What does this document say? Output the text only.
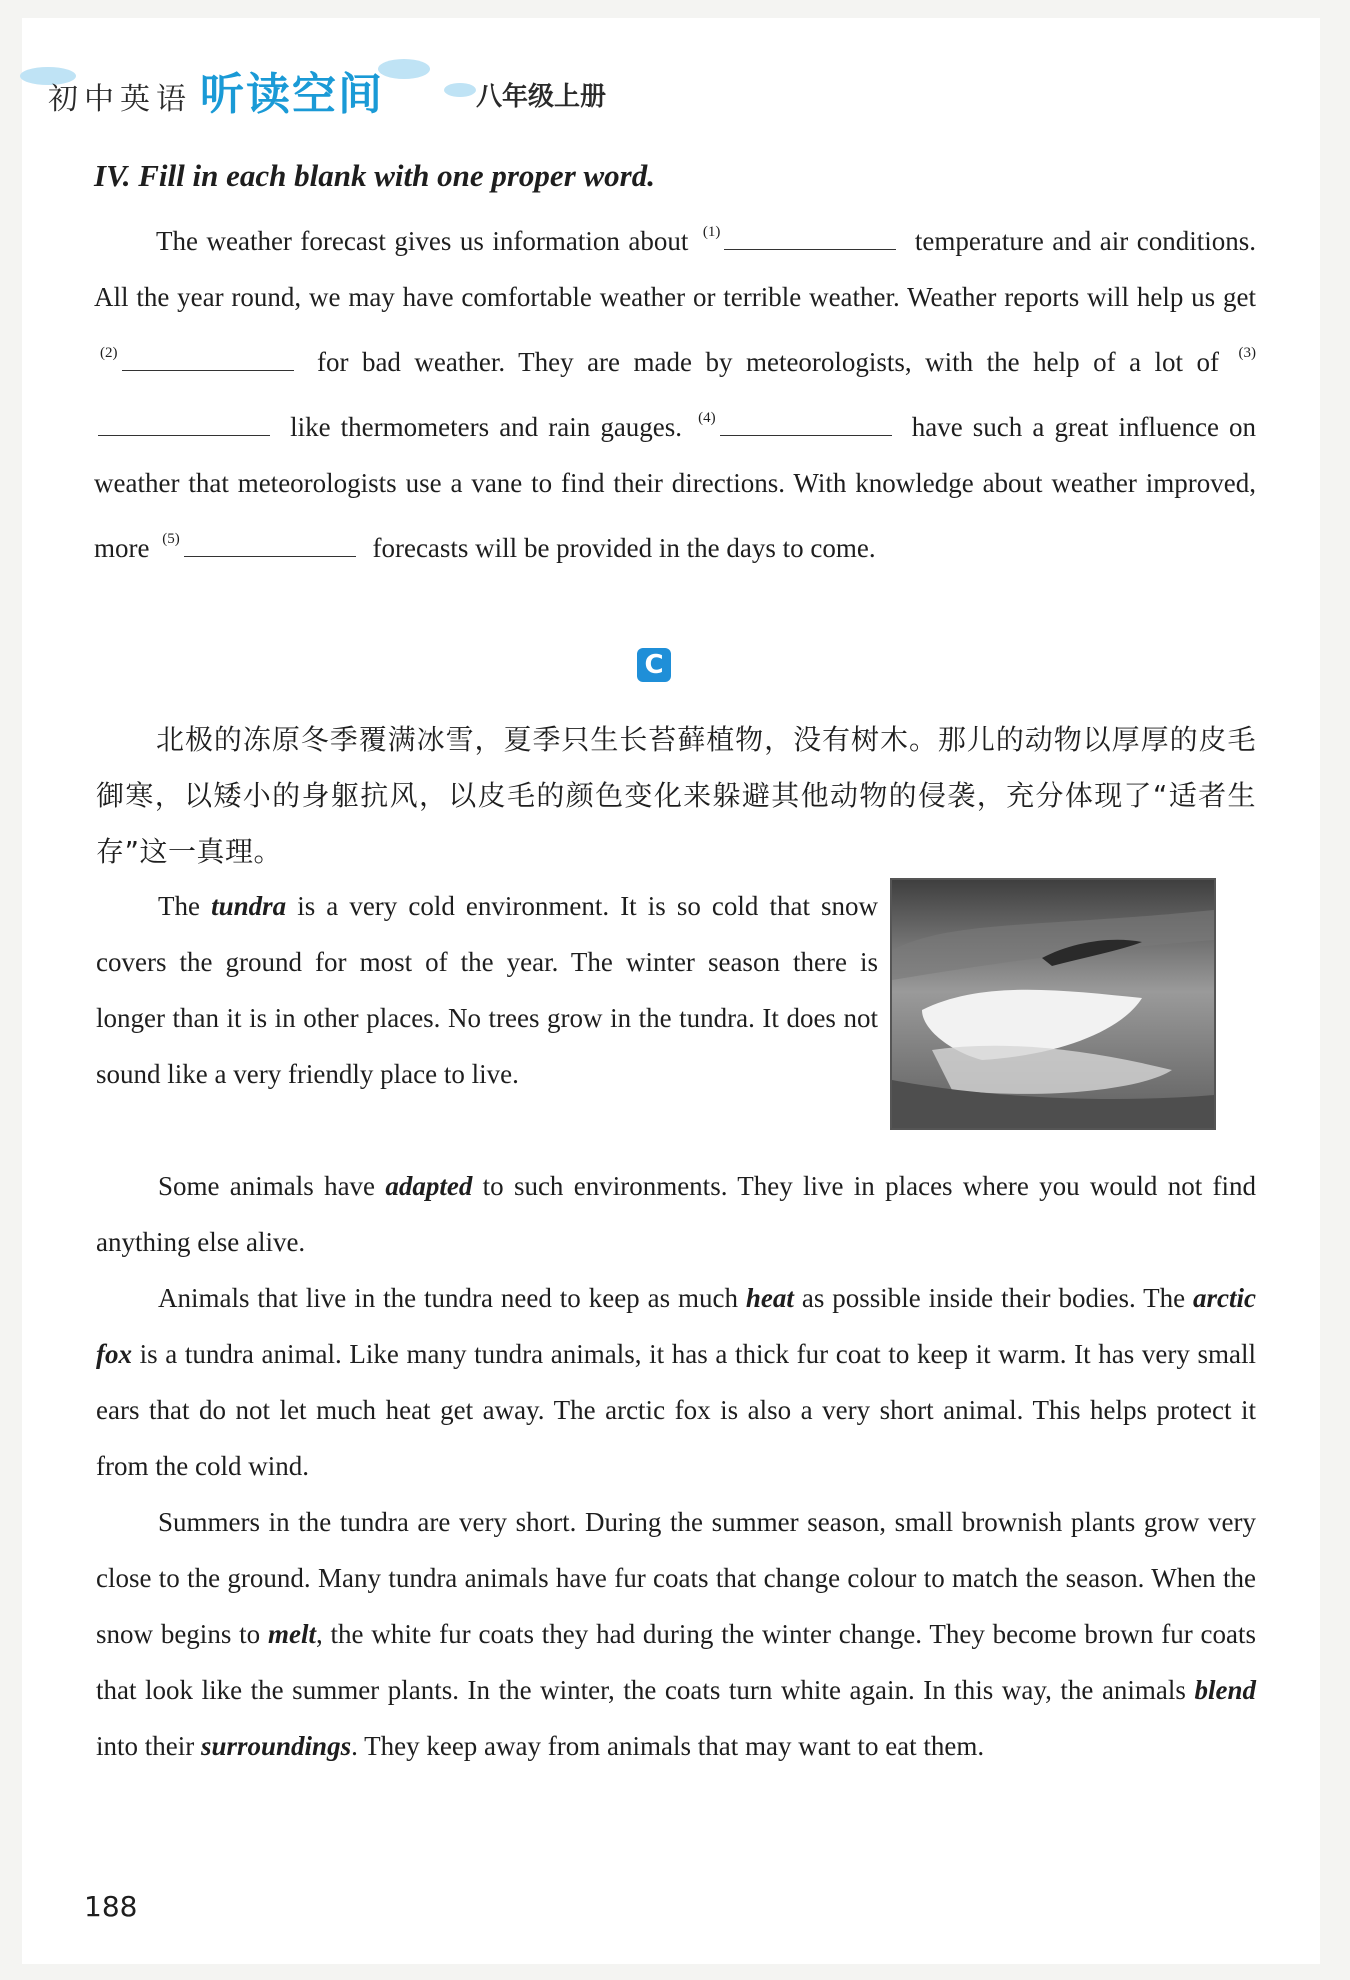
初中英语 听读空间	八年级上册
IV. Fill in each blank with one proper word.

The weather forecast gives us information about $^{(1)}$	temperature and air conditions. All the year round, we may have comfortable weather or terrible weather. Weather reports will help us get $^{(2)}$	for bad weather. They are made by meteorologists, with the help of a lot of $^{(3)}$ like thermometers and rain gauges. $^{(4)}$	have such a great influence on weather that meteorologists use a vane to find their directions. With knowledge about weather improved, more $^{(5)}$	forecasts will be provided in the days to come.

C
北极的冻原冬季覆满冰雪，夏季只生长苔藓植物，没有树木。那儿的动物以厚厚的皮毛御寒，以矮小的身躯抗风，以皮毛的颜色变化来躲避其他动物的侵袭，充分体现了“适者生存”这一真理。

The tundra is a very cold environment. It is so cold that snow covers the ground for most of the year. The winter season there is longer than it is in other places. No trees grow in the tundra. It does not sound like a very friendly place to live.

Some animals have adapted to such environments. They live in places where you would not find anything else alive.

Animals that live in the tundra need to keep as much heat as possible inside their bodies. The arctic fox is a tundra animal. Like many tundra animals, it has a thick fur coat to keep it warm. It has very small ears that do not let much heat get away. The arctic fox is also a very short animal. This helps protect it from the cold wind.

Summers in the tundra are very short. During the summer season, small brownish plants grow very close to the ground. Many tundra animals have fur coats that change colour to match the season. When the snow begins to melt, the white fur coats they had during the winter change. They become brown fur coats that look like the summer plants. In the winter, the coats turn white again. In this way, the animals blend into their surroundings. They keep away from animals that may want to eat them.

188
